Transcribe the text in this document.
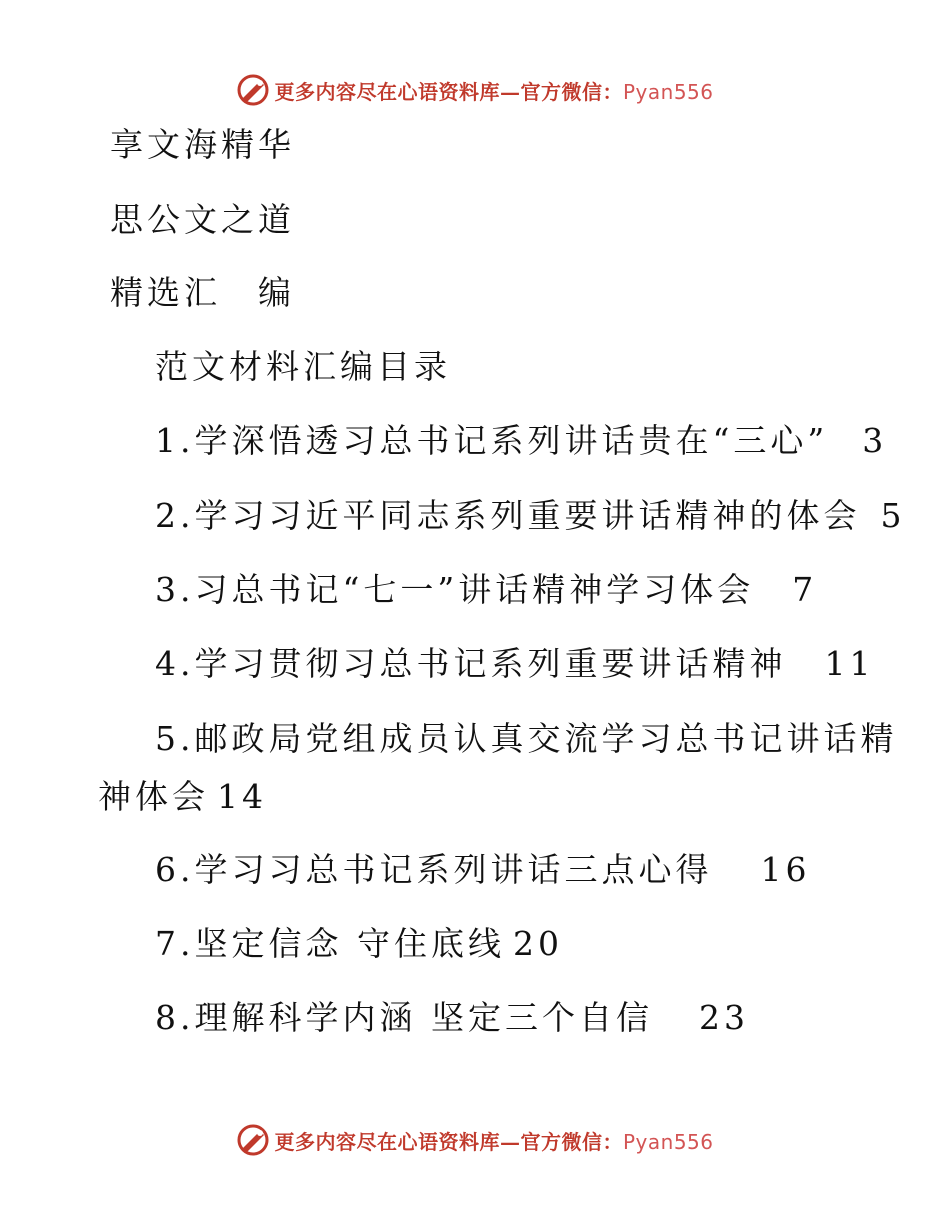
更多内容尽在心语资料库—官方微信：Pyan556
享文海精华
思公文之道
精选汇　编
范文材料汇编目录
1.学深悟透习总书记系列讲话贵在“三心” 3
2.学习习近平同志系列重要讲话精神的体会 5
3.习总书记“七一”讲话精神学习体会 7
4.学习贯彻习总书记系列重要讲话精神 11
5.邮政局党组成员认真交流学习总书记讲话精
神体会 14
6.学习习总书记系列讲话三点心得 16
7.坚定信念 守住底线 20
8.理解科学内涵 坚定三个自信 23
更多内容尽在心语资料库—官方微信：Pyan556
